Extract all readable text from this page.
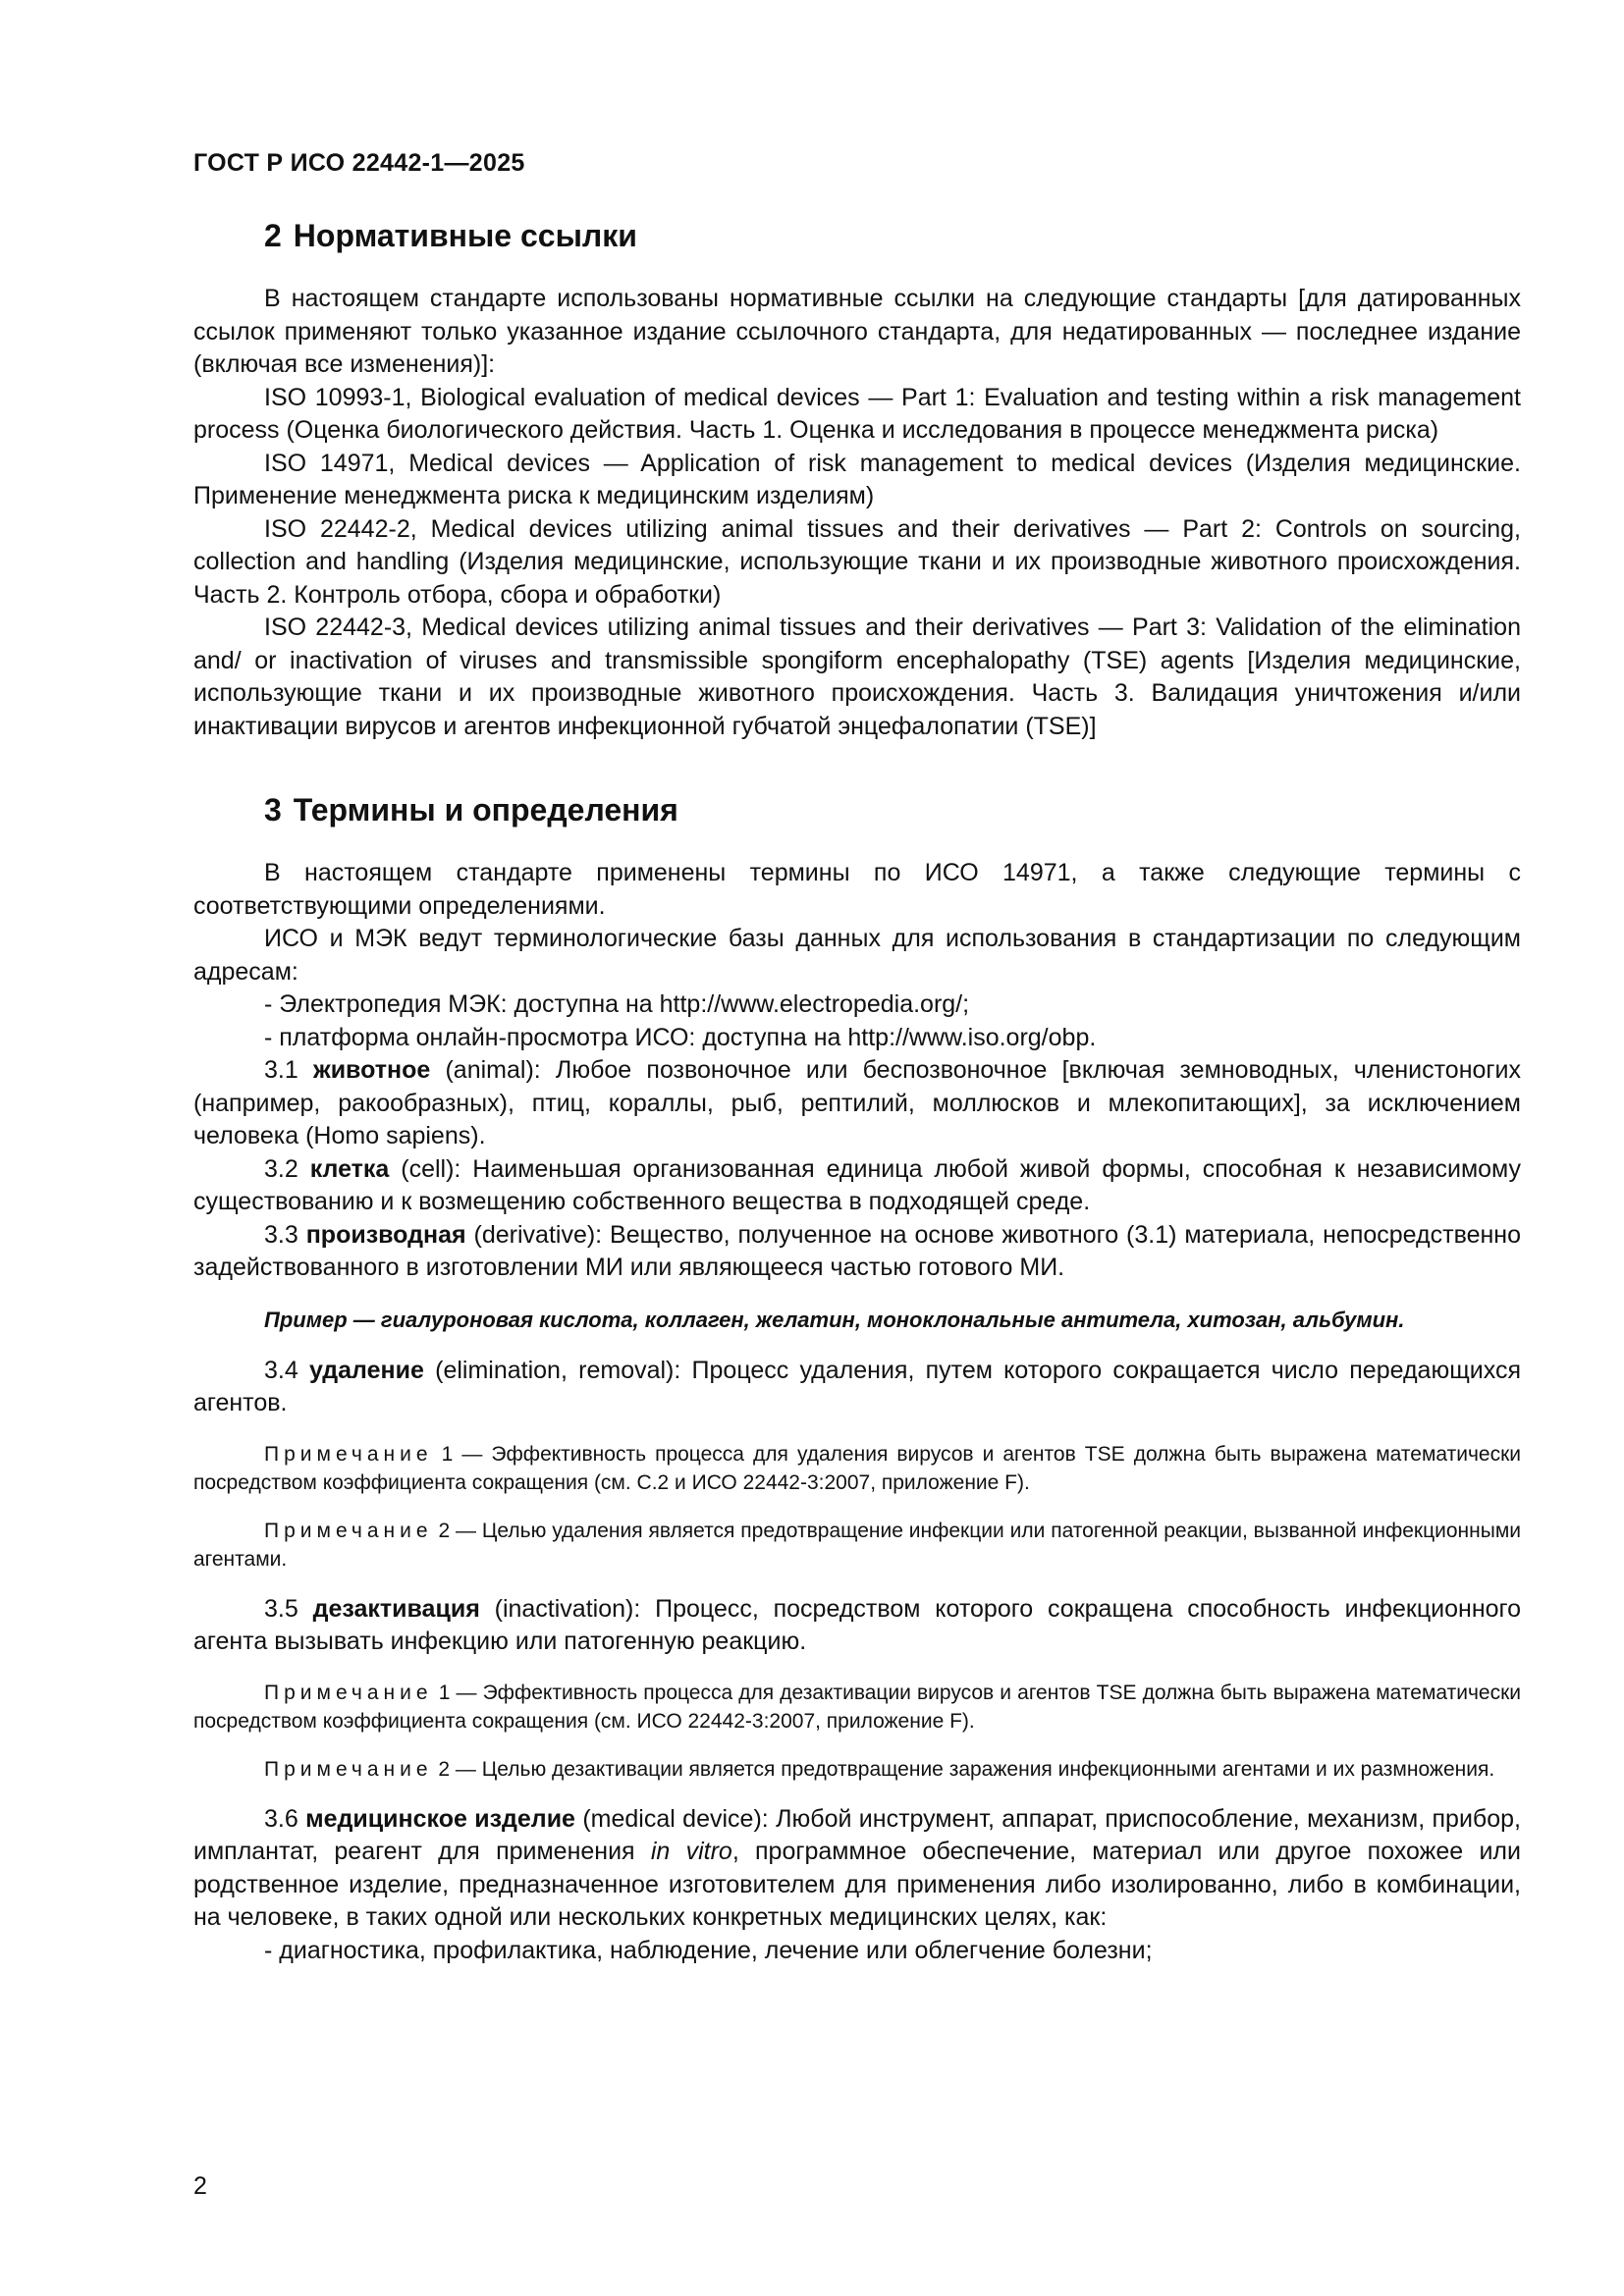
ГОСТ Р ИСО 22442-1—2025
2 Нормативные ссылки

В настоящем стандарте использованы нормативные ссылки на следующие стандарты [для датированных ссылок применяют только указанное издание ссылочного стандарта, для недатированных — последнее издание (включая все изменения)]:

ISO 10993-1, Biological evaluation of medical devices — Part 1: Evaluation and testing within a risk management process (Оценка биологического действия. Часть 1. Оценка и исследования в процессе менеджмента риска)

ISO 14971, Medical devices — Application of risk management to medical devices (Изделия медицинские. Применение менеджмента риска к медицинским изделиям)

ISO 22442-2, Medical devices utilizing animal tissues and their derivatives — Part 2: Controls on sourcing, collection and handling (Изделия медицинские, использующие ткани и их производные животного происхождения. Часть 2. Контроль отбора, сбора и обработки)

ISO 22442-3, Medical devices utilizing animal tissues and their derivatives — Part 3: Validation of the elimination and/ or inactivation of viruses and transmissible spongiform encephalopathy (TSE) agents [Изделия медицинские, использующие ткани и их производные животного происхождения. Часть 3. Валидация уничтожения и/или инактивации вирусов и агентов инфекционной губчатой энцефалопатии (TSE)]

3 Термины и определения

В настоящем стандарте применены термины по ИСО 14971, а также следующие термины с соответствующими определениями.

ИСО и МЭК ведут терминологические базы данных для использования в стандартизации по следующим адресам:

- Электропедия МЭК: доступна на http://www.electropedia.org/;

- платформа онлайн-просмотра ИСО: доступна на http://www.iso.org/obp.

3.1 животное (animal): Любое позвоночное или беспозвоночное [включая земноводных, членистоногих (например, ракообразных), птиц, кораллы, рыб, рептилий, моллюсков и млекопитающих], за исключением человека (Homo sapiens).

3.2 клетка (cell): Наименьшая организованная единица любой живой формы, способная к независимому существованию и к возмещению собственного вещества в подходящей среде.

3.3 производная (derivative): Вещество, полученное на основе животного (3.1) материала, непосредственно задействованного в изготовлении МИ или являющееся частью готового МИ.

Пример — гиалуроновая кислота, коллаген, желатин, моноклональные антитела, хитозан, альбумин.

3.4 удаление (elimination, removal): Процесс удаления, путем которого сокращается число передающихся агентов.

Примечание 1 — Эффективность процесса для удаления вирусов и агентов TSE должна быть выражена математически посредством коэффициента сокращения (см. С.2 и ИСО 22442-3:2007, приложение F).

Примечание 2 — Целью удаления является предотвращение инфекции или патогенной реакции, вызванной инфекционными агентами.

3.5 дезактивация (inactivation): Процесс, посредством которого сокращена способность инфекционного агента вызывать инфекцию или патогенную реакцию.

Примечание 1 — Эффективность процесса для дезактивации вирусов и агентов TSE должна быть выражена математически посредством коэффициента сокращения (см. ИСО 22442-3:2007, приложение F).

Примечание 2 — Целью дезактивации является предотвращение заражения инфекционными агентами и их размножения.

3.6 медицинское изделие (medical device): Любой инструмент, аппарат, приспособление, механизм, прибор, имплантат, реагент для применения in vitro, программное обеспечение, материал или другое похожее или родственное изделие, предназначенное изготовителем для применения либо изолированно, либо в комбинации, на человеке, в таких одной или нескольких конкретных медицинских целях, как:

- диагностика, профилактика, наблюдение, лечение или облегчение болезни;

2
